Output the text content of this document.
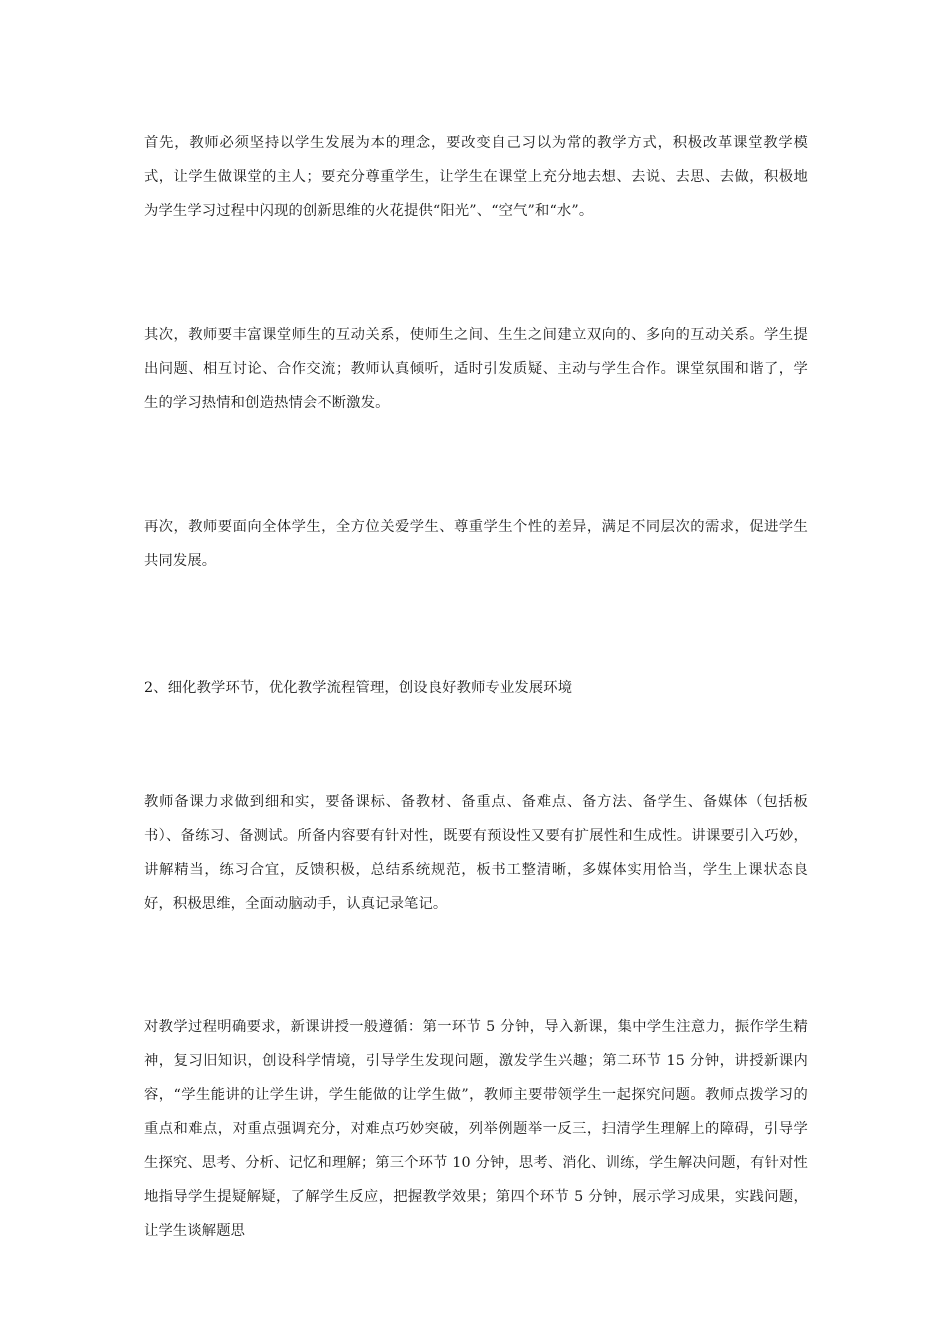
首先，教师必须坚持以学生发展为本的理念，要改变自己习以为常的教学方式，积极改革课堂教学模式，让学生做课堂的主人；要充分尊重学生，让学生在课堂上充分地去想、去说、去思、去做，积极地为学生学习过程中闪现的创新思维的火花提供“阳光”、“空气”和“水”。

其次，教师要丰富课堂师生的互动关系，使师生之间、生生之间建立双向的、多向的互动关系。学生提出问题、相互讨论、合作交流；教师认真倾听，适时引发质疑、主动与学生合作。课堂氛围和谐了，学生的学习热情和创造热情会不断激发。

再次，教师要面向全体学生，全方位关爱学生、尊重学生个性的差异，满足不同层次的需求，促进学生共同发展。

2、细化教学环节，优化教学流程管理，创设良好教师专业发展环境

教师备课力求做到细和实，要备课标、备教材、备重点、备难点、备方法、备学生、备媒体（包括板书）、备练习、备测试。所备内容要有针对性，既要有预设性又要有扩展性和生成性。讲课要引入巧妙，讲解精当，练习合宜，反馈积极，总结系统规范，板书工整清晰，多媒体实用恰当，学生上课状态良好，积极思维，全面动脑动手，认真记录笔记。

对教学过程明确要求，新课讲授一般遵循：第一环节 5 分钟，导入新课，集中学生注意力，振作学生精神，复习旧知识，创设科学情境，引导学生发现问题，激发学生兴趣；第二环节 15 分钟，讲授新课内容，“学生能讲的让学生讲，学生能做的让学生做”，教师主要带领学生一起探究问题。教师点拨学习的重点和难点，对重点强调充分，对难点巧妙突破，列举例题举一反三，扫清学生理解上的障碍，引导学生探究、思考、分析、记忆和理解；第三个环节 10 分钟，思考、消化、训练，学生解决问题，有针对性地指导学生提疑解疑，了解学生反应，把握教学效果；第四个环节 5 分钟，展示学习成果，实践问题，让学生谈解题思
